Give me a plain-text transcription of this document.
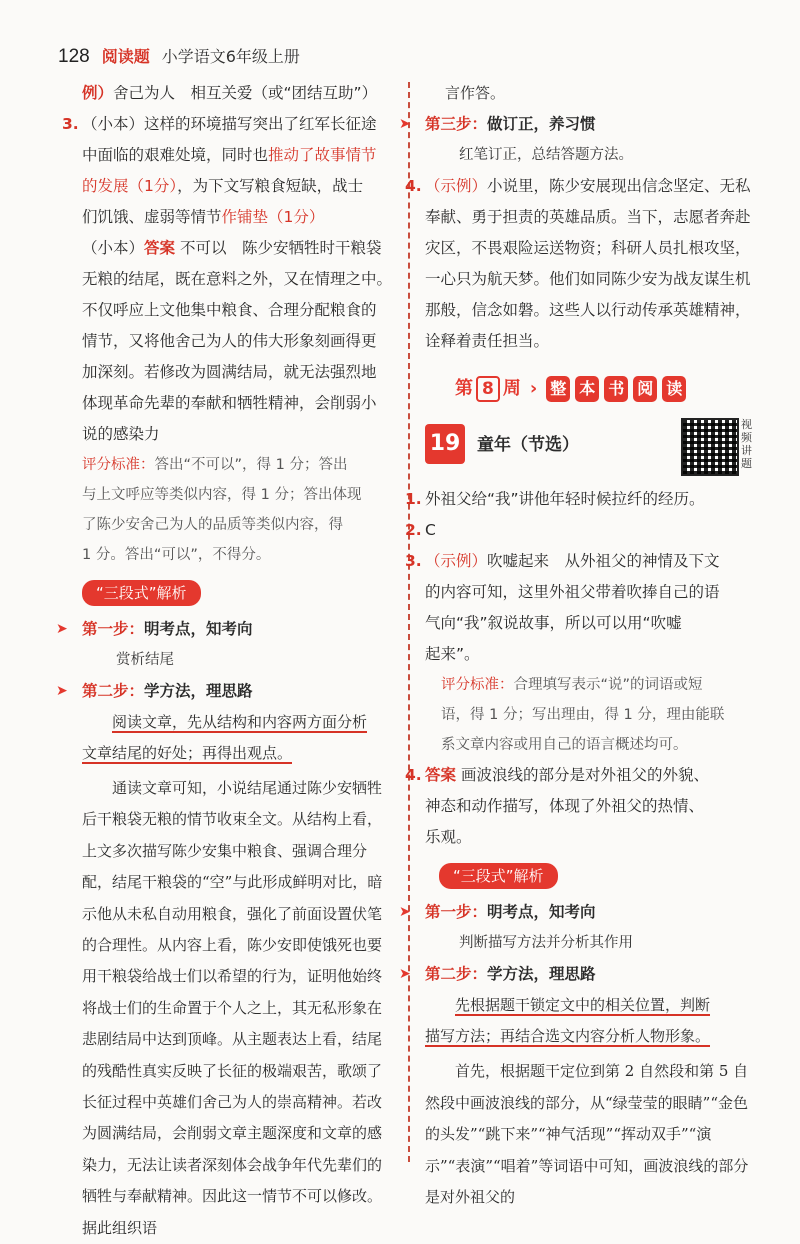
128 阅读题 小学语文6年级上册

例）舍己为人　相互关爱（或“团结互助”）

3. （小本）这样的环境描写突出了红军长征途

中面临的艰难处境，同时也推动了故事情节

的发展（1分），为下文写粮食短缺，战士

们饥饿、虚弱等情节作铺垫（1分）

（小本）答案 不可以　陈少安牺牲时干粮袋

无粮的结尾，既在意料之外，又在情理之中。

不仅呼应上文他集中粮食、合理分配粮食的

情节，又将他舍己为人的伟大形象刻画得更

加深刻。若修改为圆满结局，就无法强烈地

体现革命先辈的奉献和牺牲精神，会削弱小

说的感染力

评分标准：答出“不可以”，得 1 分；答出

与上文呼应等类似内容，得 1 分；答出体现

了陈少安舍己为人的品质等类似内容，得

1 分。答出“可以”，不得分。

“三段式”解析

➤ 第一步：明考点，知考向

赏析结尾

➤ 第二步：学方法，理思路

阅读文章，先从结构和内容两方面分析

文章结尾的好处；再得出观点。

通读文章可知，小说结尾通过陈少安牺牲后干粮袋无粮的情节收束全文。从结构上看，上文多次描写陈少安集中粮食、强调合理分配，结尾干粮袋的“空”与此形成鲜明对比，暗示他从未私自动用粮食，强化了前面设置伏笔的合理性。从内容上看，陈少安即使饿死也要用干粮袋给战士们以希望的行为，证明他始终将战士们的生命置于个人之上，其无私形象在悲剧结局中达到顶峰。从主题表达上看，结尾的残酷性真实反映了长征的极端艰苦，歌颂了长征过程中英雄们舍己为人的崇高精神。若改为圆满结局，会削弱文章主题深度和文章的感染力，无法让读者深刻体会战争年代先辈们的牺牲与奉献精神。因此这一情节不可以修改。据此组织语

言作答。

➤ 第三步：做订正，养习惯

红笔订正，总结答题方法。

4. （示例）小说里，陈少安展现出信念坚定、无私奉献、勇于担责的英雄品质。当下，志愿者奔赴灾区，不畏艰险运送物资；科研人员扎根攻坚，一心只为航天梦。他们如同陈少安为战友谋生机那般，信念如磐。这些人以行动传承英雄精神，诠释着责任担当。

第 8 周 › 整 本 书 阅 读
19 童年（节选）
视频讲题
1. 外祖父给“我”讲他年轻时候拉纤的经历。

2. C

3. （示例）吹嘘起来　从外祖父的神情及下文

的内容可知，这里外祖父带着吹捧自己的语

气向“我”叙说故事，所以可以用“吹嘘

起来”。

评分标准：合理填写表示“说”的词语或短

语，得 1 分；写出理由，得 1 分，理由能联

系文章内容或用自己的语言概述均可。

4. 答案 画波浪线的部分是对外祖父的外貌、

神态和动作描写，体现了外祖父的热情、

乐观。

“三段式”解析

➤ 第一步：明考点，知考向

判断描写方法并分析其作用

➤ 第二步：学方法，理思路

先根据题干锁定文中的相关位置，判断

描写方法；再结合选文内容分析人物形象。

首先，根据题干定位到第 2 自然段和第 5 自然段中画波浪线的部分，从“绿莹莹的眼睛”“金色的头发”“跳下来”“神气活现”“挥动双手”“演示”“表演”“唱着”等词语中可知，画波浪线的部分是对外祖父的
